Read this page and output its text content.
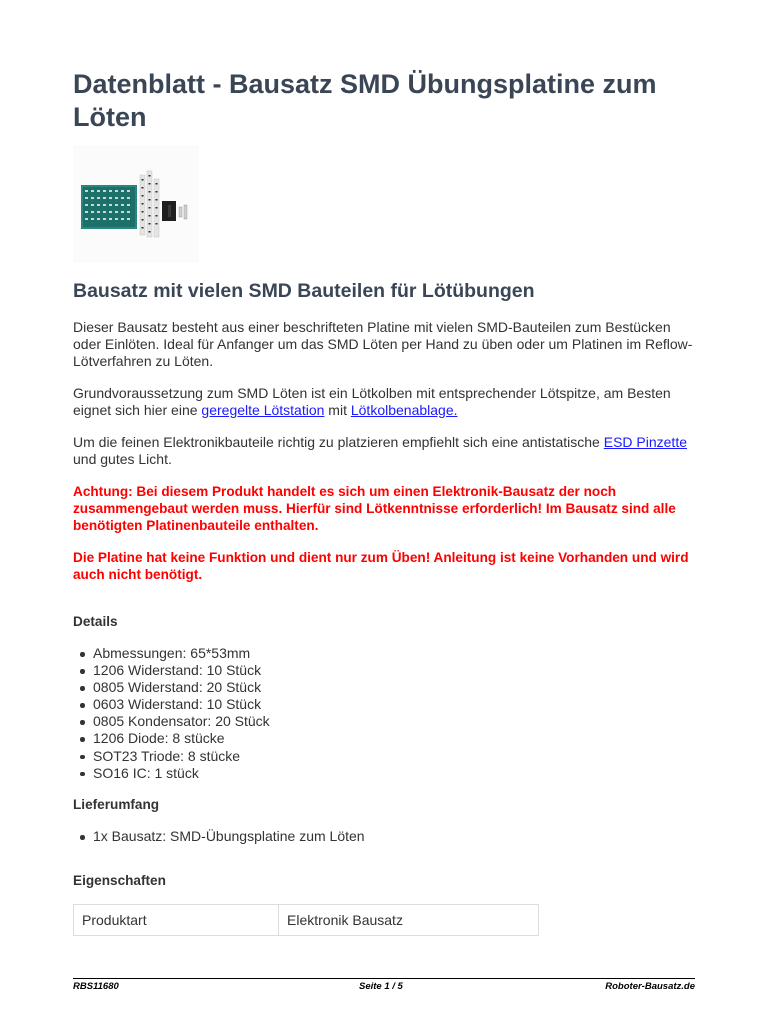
Datenblatt - Bausatz SMD Übungsplatine zum Löten
Bausatz mit vielen SMD Bauteilen für Lötübungen

Dieser Bausatz besteht aus einer beschrifteten Platine mit vielen SMD-Bauteilen zum Bestücken oder Einlöten. Ideal für Anfanger um das SMD Löten per Hand zu üben oder um Platinen im Reflow-Lötverfahren zu Löten.

Grundvoraussetzung zum SMD Löten ist ein Lötkolben mit entsprechender Lötspitze, am Besten eignet sich hier eine geregelte Lötstation mit Lötkolbenablage.

Um die feinen Elektronikbauteile richtig zu platzieren empfiehlt sich eine antistatische ESD Pinzette und gutes Licht.

Achtung: Bei diesem Produkt handelt es sich um einen Elektronik-Bausatz der noch zusammengebaut werden muss. Hierfür sind Lötkenntnisse erforderlich! Im Bausatz sind alle benötigten Platinenbauteile enthalten.

Die Platine hat keine Funktion und dient nur zum Üben! Anleitung ist keine Vorhanden und wird auch nicht benötigt.

Details
Abmessungen: 65*53mm
1206 Widerstand: 10 Stück
0805 Widerstand: 20 Stück
0603 Widerstand: 10 Stück
0805 Kondensator: 20 Stück
1206 Diode: 8 stücke
SOT23 Triode: 8 stücke
SO16 IC: 1 stück
Lieferumfang
1x Bausatz: SMD-Übungsplatine zum Löten
Eigenschaften
Produktart	Elektronik Bausatz
RBS11680	Seite 1 / 5	Roboter-Bausatz.de
